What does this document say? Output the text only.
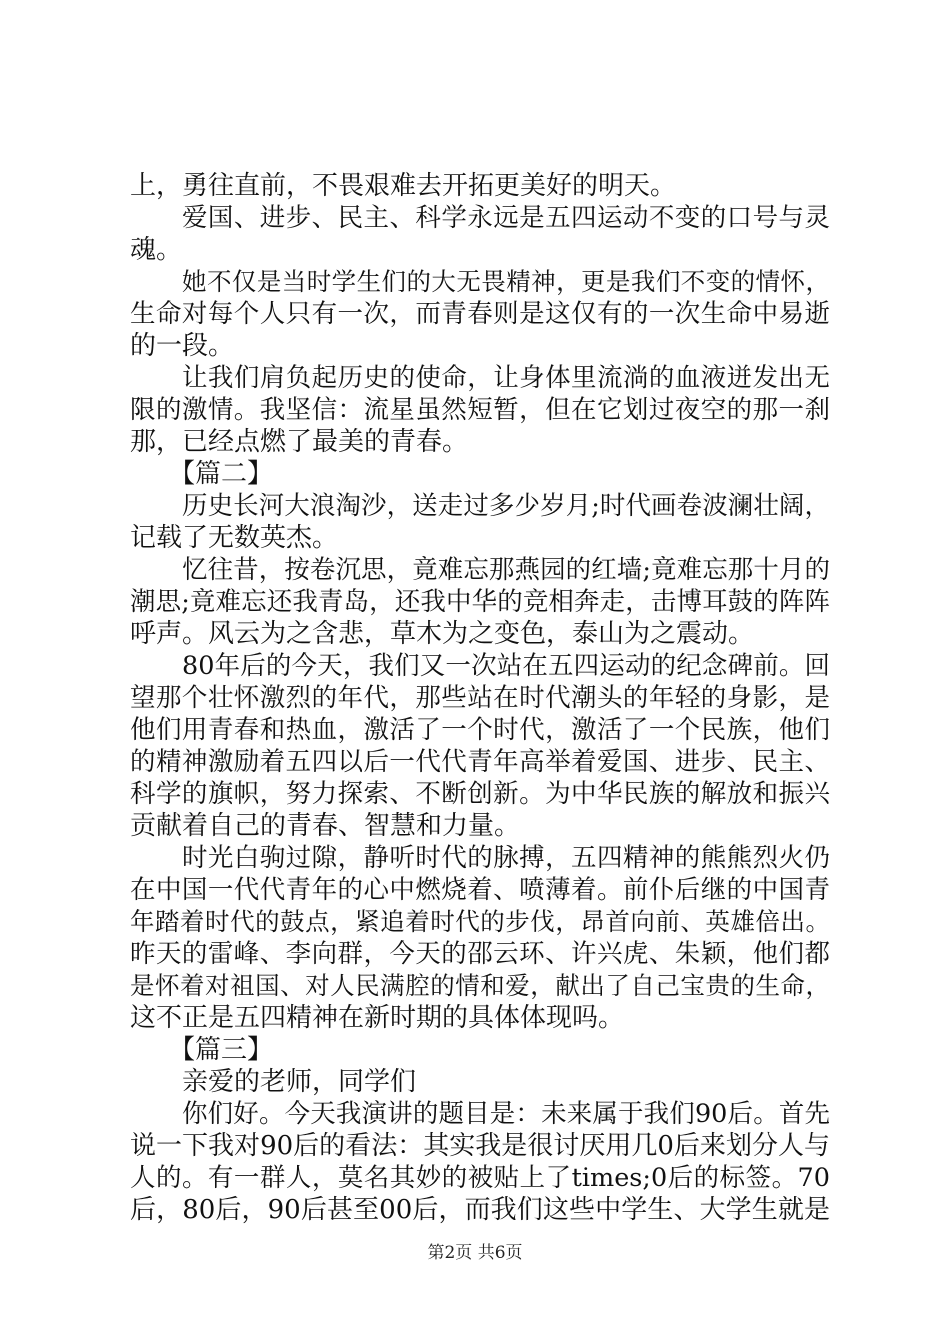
上，勇往直前，不畏艰难去开拓更美好的明天。
爱国、进步、民主、科学永远是五四运动不变的口号与灵
魂。
她不仅是当时学生们的大无畏精神，更是我们不变的情怀，
生命对每个人只有一次，而青春则是这仅有的一次生命中易逝
的一段。
让我们肩负起历史的使命，让身体里流淌的血液迸发出无
限的激情。我坚信：流星虽然短暂，但在它划过夜空的那一刹
那，已经点燃了最美的青春。
【篇二】
历史长河大浪淘沙，送走过多少岁月;时代画卷波澜壮阔，
记载了无数英杰。
忆往昔，按卷沉思，竟难忘那燕园的红墙;竟难忘那十月的
潮思;竟难忘还我青岛，还我中华的竞相奔走，击博耳鼓的阵阵
呼声。风云为之含悲，草木为之变色，泰山为之震动。
80年后的今天，我们又一次站在五四运动的纪念碑前。回
望那个壮怀激烈的年代，那些站在时代潮头的年轻的身影，是
他们用青春和热血，激活了一个时代，激活了一个民族，他们
的精神激励着五四以后一代代青年高举着爱国、进步、民主、
科学的旗帜，努力探索、不断创新。为中华民族的解放和振兴
贡献着自己的青春、智慧和力量。
时光白驹过隙，静听时代的脉搏，五四精神的熊熊烈火仍
在中国一代代青年的心中燃烧着、喷薄着。前仆后继的中国青
年踏着时代的鼓点，紧追着时代的步伐，昂首向前、英雄倍出。
昨天的雷峰、李向群，今天的邵云环、许兴虎、朱颖，他们都
是怀着对祖国、对人民满腔的情和爱，献出了自己宝贵的生命，
这不正是五四精神在新时期的具体体现吗。
【篇三】
亲爱的老师，同学们
你们好。今天我演讲的题目是：未来属于我们90后。首先
说一下我对90后的看法：其实我是很讨厌用几0后来划分人与
人的。有一群人，莫名其妙的被贴上了times;0后的标签。70
后，80后，90后甚至00后，而我们这些中学生、大学生就是
第2页 共6页
